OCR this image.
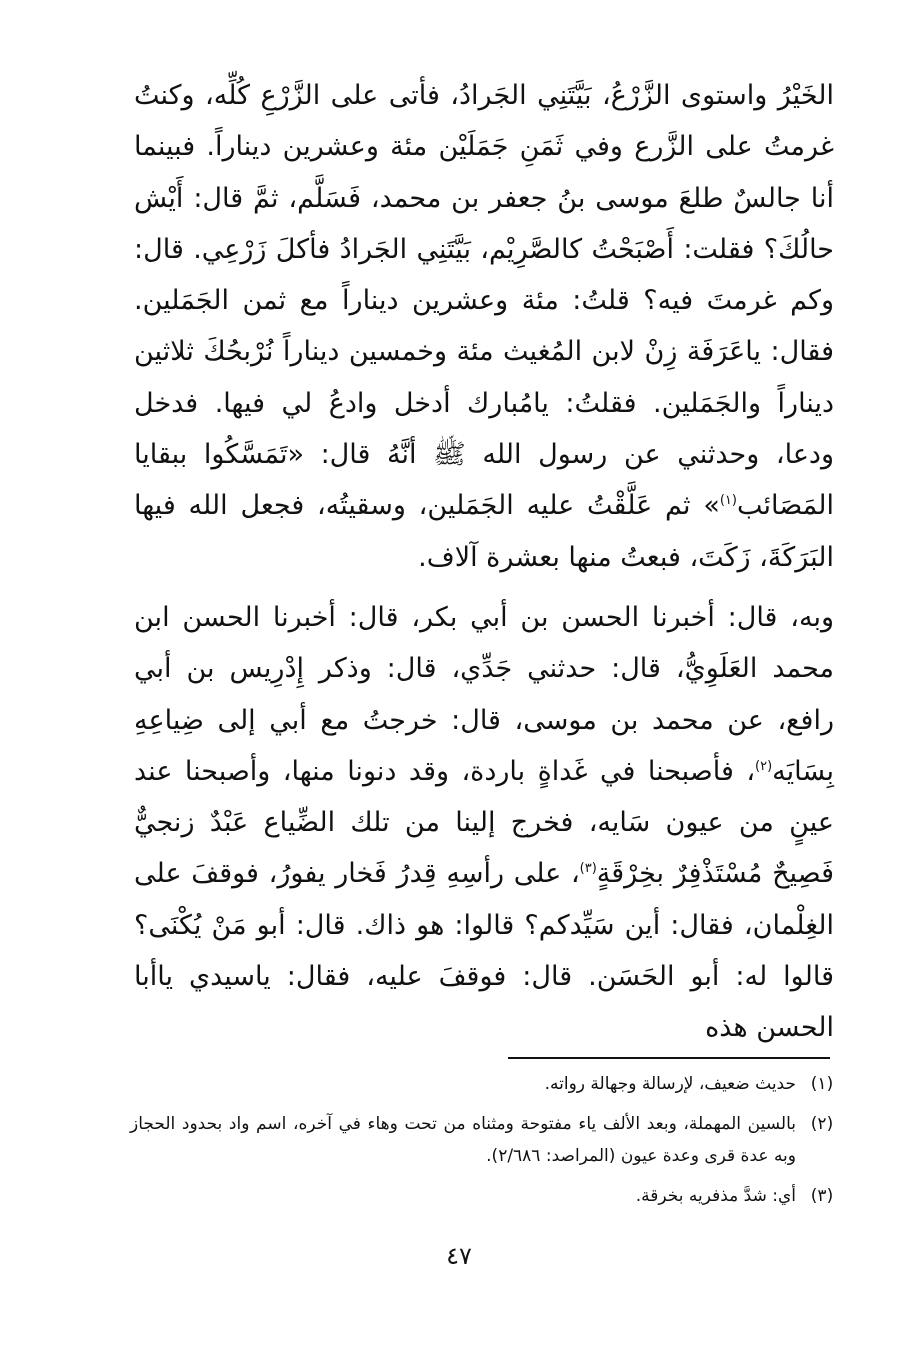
الخَيْرُ واستوى الزَّرْعُ، بَيَّتَنِي الجَرادُ، فأتى على الزَّرْعِ كُلِّه، وكنتُ غرمتُ على الزَّرع وفي ثَمَنِ جَمَلَيْن مئة وعشرين ديناراً. فبينما أنا جالسٌ طلعَ موسى بنُ جعفر بن محمد، فَسَلَّم، ثمَّ قال: أَيْش حالُكَ؟ فقلت: أَصْبَحْتُ كالصَّرِيْم، بَيَّتَنِي الجَرادُ فأكلَ زَرْعِي. قال: وكم غرمتَ فيه؟ قلتُ: مئة وعشرين ديناراً مع ثمن الجَمَلين. فقال: ياعَرَفَة زِنْ لابن المُغيث مئة وخمسين ديناراً نُرْبحُكَ ثلاثين ديناراً والجَمَلين. فقلتُ: يامُبارك أدخل وادعُ لي فيها. فدخل ودعا، وحدثني عن رسول الله ﷺ أنَّهُ قال: «تَمَسَّكُوا ببقايا المَصَائب$^{(١)}$» ثم عَلَّقْتُ عليه الجَمَلين، وسقيتُه، فجعل الله فيها البَرَكَةَ، زَكَتَ، فبعتُ منها بعشرة آلاف.

وبه، قال: أخبرنا الحسن بن أبي بكر، قال: أخبرنا الحسن ابن محمد العَلَوِيُّ، قال: حدثني جَدِّي، قال: وذكر إِدْرِيس بن أبي رافع، عن محمد بن موسى، قال: خرجتُ مع أبي إلى ضِياعِهِ بِسَايَه$^{(٢)}$، فأصبحنا في غَداةٍ باردة، وقد دنونا منها، وأصبحنا عند عينٍ من عيون سَايه، فخرج إلينا من تلك الضِّياع عَبْدٌ زنجيٌّ فَصِيحٌ مُسْتَذْفِرٌ بخِرْقَةٍ$^{(٣)}$، على رأسِهِ قِدرُ فَخار يفورُ، فوقفَ على الغِلْمان، فقال: أين سَيِّدكم؟ قالوا: هو ذاك. قال: أبو مَنْ يُكْنَى؟ قالوا له: أبو الحَسَن. قال: فوقفَ عليه، فقال: ياسيدي ياأبا الحسن هذه

(١)
حديث ضعيف، لإرسالة وجهالة رواته.
(٢)
بالسين المهملة، وبعد الألف ياء مفتوحة ومثناه من تحت وهاء في آخره، اسم واد بحدود الحجاز وبه عدة قرى وعدة عيون (المراصد: ٢/٦٨٦).
(٣)
أي: شدَّ مذفريه بخرقة.
٤٧
